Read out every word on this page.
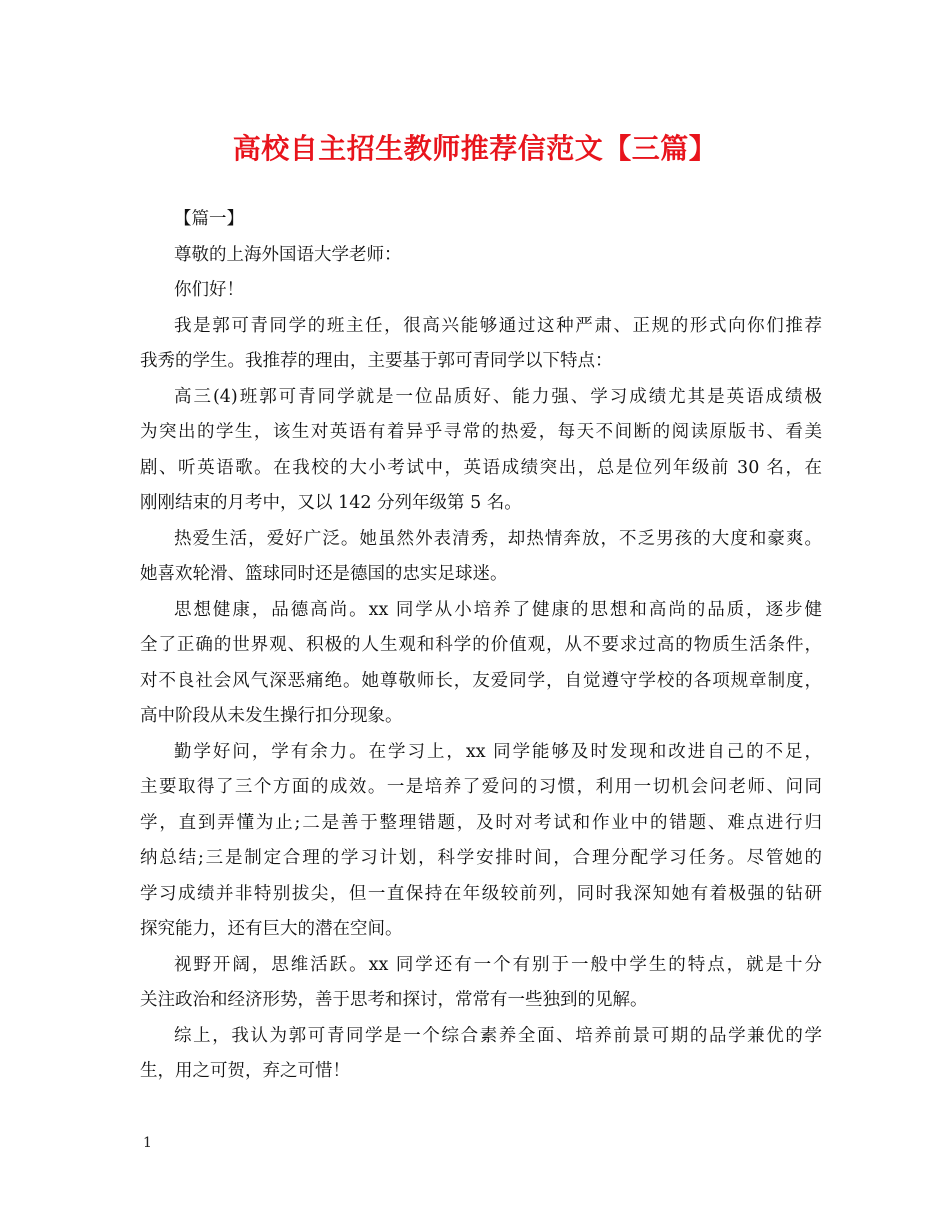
高校自主招生教师推荐信范文【三篇】
【篇一】
尊敬的上海外国语大学老师：
你们好！
我是郭可青同学的班主任，很高兴能够通过这种严肃、正规的形式向你们推荐
我秀的学生。我推荐的理由，主要基于郭可青同学以下特点：
高三(4)班郭可青同学就是一位品质好、能力强、学习成绩尤其是英语成绩极
为突出的学生，该生对英语有着异乎寻常的热爱，每天不间断的阅读原版书、看美
剧、听英语歌。在我校的大小考试中，英语成绩突出，总是位列年级前 30 名，在
刚刚结束的月考中，又以 142 分列年级第 5 名。
热爱生活，爱好广泛。她虽然外表清秀，却热情奔放，不乏男孩的大度和豪爽。
她喜欢轮滑、篮球同时还是德国的忠实足球迷。
思想健康，品德高尚。xx 同学从小培养了健康的思想和高尚的品质，逐步健
全了正确的世界观、积极的人生观和科学的价值观，从不要求过高的物质生活条件，
对不良社会风气深恶痛绝。她尊敬师长，友爱同学，自觉遵守学校的各项规章制度，
高中阶段从未发生操行扣分现象。
勤学好问，学有余力。在学习上，xx 同学能够及时发现和改进自己的不足，
主要取得了三个方面的成效。一是培养了爱问的习惯，利用一切机会问老师、问同
学，直到弄懂为止;二是善于整理错题，及时对考试和作业中的错题、难点进行归
纳总结;三是制定合理的学习计划，科学安排时间，合理分配学习任务。尽管她的
学习成绩并非特别拔尖，但一直保持在年级较前列，同时我深知她有着极强的钻研
探究能力，还有巨大的潜在空间。
视野开阔，思维活跃。xx 同学还有一个有别于一般中学生的特点，就是十分
关注政治和经济形势，善于思考和探讨，常常有一些独到的见解。
综上，我认为郭可青同学是一个综合素养全面、培养前景可期的品学兼优的学
生，用之可贺，弃之可惜！
1
